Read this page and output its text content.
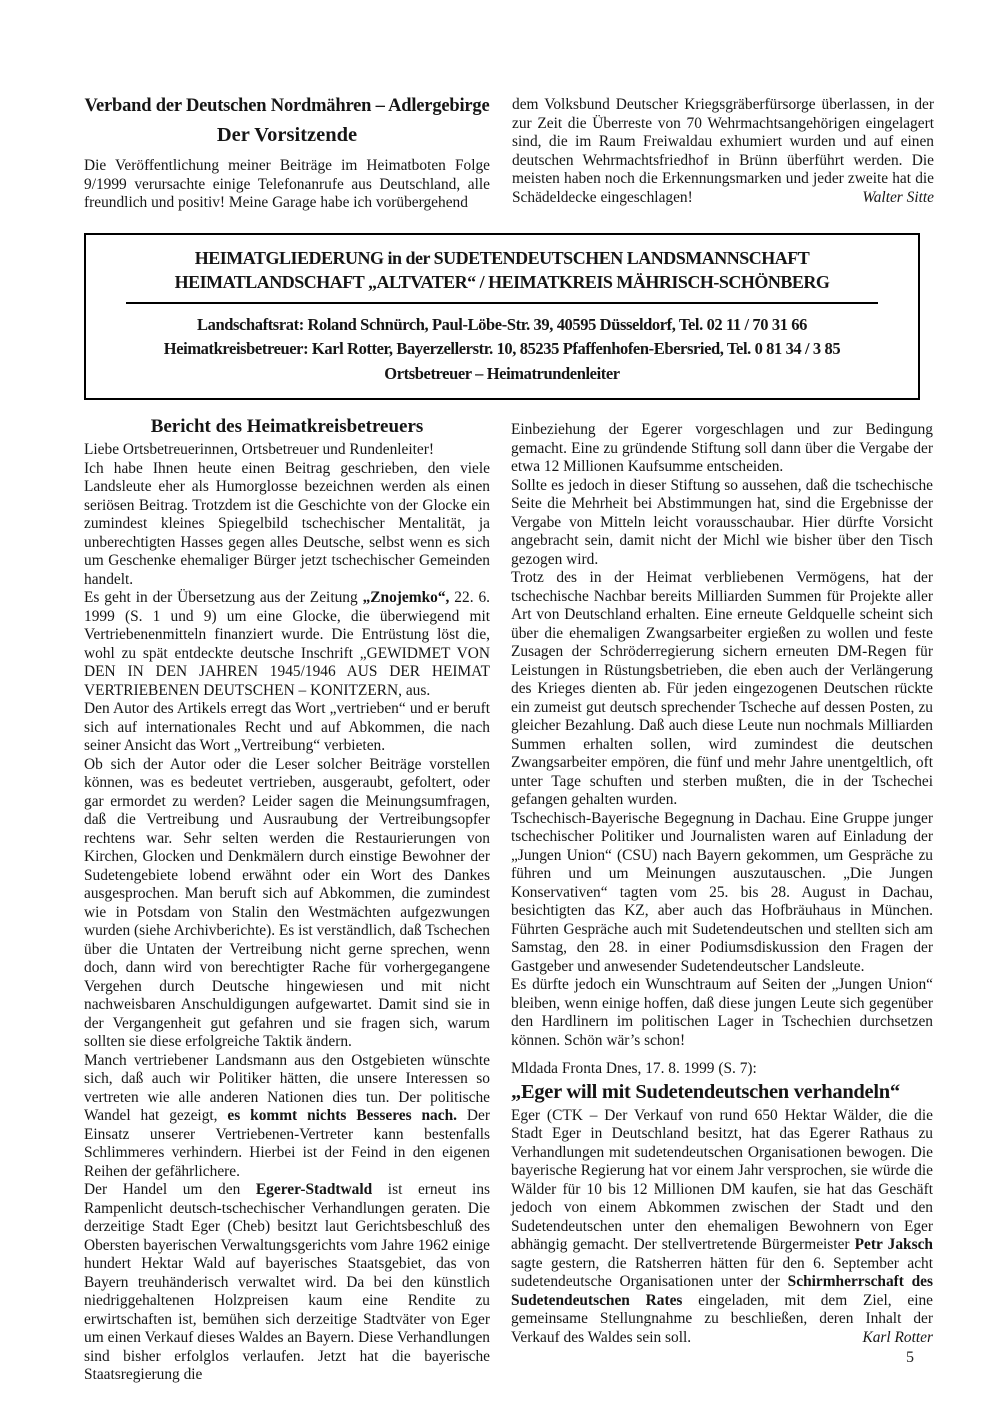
Verband der Deutschen Nordmähren – Adlergebirge
Der Vorsitzende

Die Veröffentlichung meiner Beiträge im Heimatboten Folge 9/1999 verursachte einige Telefonanrufe aus Deutschland, alle freundlich und positiv! Meine Garage habe ich vorübergehend

dem Volksbund Deutscher Kriegsgräberfürsorge überlassen, in der zur Zeit die Überreste von 70 Wehrmachtsangehörigen eingelagert sind, die im Raum Freiwaldau exhumiert wurden und auf einen deutschen Wehrmachtsfriedhof in Brünn überführt werden. Die meisten haben noch die Erkennungsmarken und jeder zweite hat die Schädeldecke eingeschlagen!	Walter Sitte

HEIMATGLIEDERUNG in der SUDETENDEUTSCHEN LANDSMANNSCHAFT
HEIMATLANDSCHAFT „ALTVATER“ / HEIMATKREIS MÄHRISCH-SCHÖNBERG
Landschaftsrat: Roland Schnürch, Paul-Löbe-Str. 39, 40595 Düsseldorf, Tel. 02 11 / 70 31 66
Heimatkreisbetreuer: Karl Rotter, Bayerzellerstr. 10, 85235 Pfaffenhofen-Ebersried, Tel. 0 81 34 / 3 85
Ortsbetreuer – Heimatrundenleiter
Bericht des Heimatkreisbetreuers

Liebe Ortsbetreuerinnen, Ortsbetreuer und Rundenleiter!

Ich habe Ihnen heute einen Beitrag geschrieben, den viele Landsleute eher als Humorglosse bezeichnen werden als einen seriösen Beitrag. Trotzdem ist die Geschichte von der Glocke ein zumindest kleines Spiegelbild tschechischer Mentalität, ja unberechtigten Hasses gegen alles Deutsche, selbst wenn es sich um Geschenke ehemaliger Bürger jetzt tschechischer Gemeinden handelt.

Es geht in der Übersetzung aus der Zeitung „Znojemko“, 22. 6. 1999 (S. 1 und 9) um eine Glocke, die überwiegend mit Vertriebenenmitteln finanziert wurde. Die Entrüstung löst die, wohl zu spät entdeckte deutsche Inschrift „GEWIDMET VON DEN IN DEN JAHREN 1945/1946 AUS DER HEIMAT VERTRIEBENEN DEUTSCHEN – KONITZERN, aus.

Den Autor des Artikels erregt das Wort „vertrieben“ und er beruft sich auf internationales Recht und auf Abkommen, die nach seiner Ansicht das Wort „Vertreibung“ verbieten.

Ob sich der Autor oder die Leser solcher Beiträge vorstellen können, was es bedeutet vertrieben, ausgeraubt, gefoltert, oder gar ermordet zu werden? Leider sagen die Meinungsumfragen, daß die Vertreibung und Ausraubung der Vertreibungsopfer rechtens war. Sehr selten werden die Restaurierungen von Kirchen, Glocken und Denkmälern durch einstige Bewohner der Sudetengebiete lobend erwähnt oder ein Wort des Dankes ausgesprochen. Man beruft sich auf Abkommen, die zumindest wie in Potsdam von Stalin den Westmächten aufgezwungen wurden (siehe Archivberichte). Es ist verständlich, daß Tschechen über die Untaten der Vertreibung nicht gerne sprechen, wenn doch, dann wird von berechtigter Rache für vorhergegangene Vergehen durch Deutsche hingewiesen und mit nicht nachweisbaren Anschuldigungen aufgewartet. Damit sind sie in der Vergangenheit gut gefahren und sie fragen sich, warum sollten sie diese erfolgreiche Taktik ändern.

Manch vertriebener Landsmann aus den Ostgebieten wünschte sich, daß auch wir Politiker hätten, die unsere Interessen so vertreten wie alle anderen Nationen dies tun. Der politische Wandel hat gezeigt, es kommt nichts Besseres nach. Der Einsatz unserer Vertriebenen-Vertreter kann bestenfalls Schlimmeres verhindern. Hierbei ist der Feind in den eigenen Reihen der gefährlichere.

Der Handel um den Egerer-Stadtwald ist erneut ins Rampenlicht deutsch-tschechischer Verhandlungen geraten. Die derzeitige Stadt Eger (Cheb) besitzt laut Gerichtsbeschluß des Obersten bayerischen Verwaltungsgerichts vom Jahre 1962 einige hundert Hektar Wald auf bayerisches Staatsgebiet, das von Bayern treuhänderisch verwaltet wird. Da bei den künstlich niedriggehaltenen Holzpreisen kaum eine Rendite zu erwirtschaften ist, bemühen sich derzeitige Stadtväter von Eger um einen Verkauf dieses Waldes an Bayern. Diese Verhandlungen sind bisher erfolglos verlaufen. Jetzt hat die bayerische Staatsregierung die

Einbeziehung der Egerer vorgeschlagen und zur Bedingung gemacht. Eine zu gründende Stiftung soll dann über die Vergabe der etwa 12 Millionen Kaufsumme entscheiden.

Sollte es jedoch in dieser Stiftung so aussehen, daß die tschechische Seite die Mehrheit bei Abstimmungen hat, sind die Ergebnisse der Vergabe von Mitteln leicht vorausschaubar. Hier dürfte Vorsicht angebracht sein, damit nicht der Michl wie bisher über den Tisch gezogen wird.

Trotz des in der Heimat verbliebenen Vermögens, hat der tschechische Nachbar bereits Milliarden Summen für Projekte aller Art von Deutschland erhalten. Eine erneute Geldquelle scheint sich über die ehemaligen Zwangsarbeiter ergießen zu wollen und feste Zusagen der Schröderregierung sichern erneuten DM-Regen für Leistungen in Rüstungsbetrieben, die eben auch der Verlängerung des Krieges dienten ab. Für jeden eingezogenen Deutschen rückte ein zumeist gut deutsch sprechender Tscheche auf dessen Posten, zu gleicher Bezahlung. Daß auch diese Leute nun nochmals Milliarden Summen erhalten sollen, wird zumindest die deutschen Zwangsarbeiter empören, die fünf und mehr Jahre unentgeltlich, oft unter Tage schuften und sterben mußten, die in der Tschechei gefangen gehalten wurden.

Tschechisch-Bayerische Begegnung in Dachau. Eine Gruppe junger tschechischer Politiker und Journalisten waren auf Einladung der „Jungen Union“ (CSU) nach Bayern gekommen, um Gespräche zu führen und um Meinungen auszutauschen. „Die Jungen Konservativen“ tagten vom 25. bis 28. August in Dachau, besichtigten das KZ, aber auch das Hofbräuhaus in München. Führten Gespräche auch mit Sudetendeutschen und stellten sich am Samstag, den 28. in einer Podiumsdiskussion den Fragen der Gastgeber und anwesender Sudetendeutscher Landsleute.

Es dürfte jedoch ein Wunschtraum auf Seiten der „Jungen Union“ bleiben, wenn einige hoffen, daß diese jungen Leute sich gegenüber den Hardlinern im politischen Lager in Tschechien durchsetzen können. Schön wär’s schon!

Mldada Fronta Dnes, 17. 8. 1999 (S. 7):

„Eger will mit Sudetendeutschen verhandeln“

Eger (CTK – Der Verkauf von rund 650 Hektar Wälder, die die Stadt Eger in Deutschland besitzt, hat das Egerer Rathaus zu Verhandlungen mit sudetendeutschen Organisationen bewogen. Die bayerische Regierung hat vor einem Jahr versprochen, sie würde die Wälder für 10 bis 12 Millionen DM kaufen, sie hat das Geschäft jedoch von einem Abkommen zwischen der Stadt und den Sudetendeutschen unter den ehemaligen Bewohnern von Eger abhängig gemacht. Der stellvertretende Bürgermeister Petr Jaksch sagte gestern, die Ratsherren hätten für den 6. September acht sudetendeutsche Organisationen unter der Schirmherrschaft des Sudetendeutschen Rates eingeladen, mit dem Ziel, eine gemeinsame Stellungnahme zu beschließen, deren Inhalt der Verkauf des Waldes sein soll.	Karl Rotter

5
